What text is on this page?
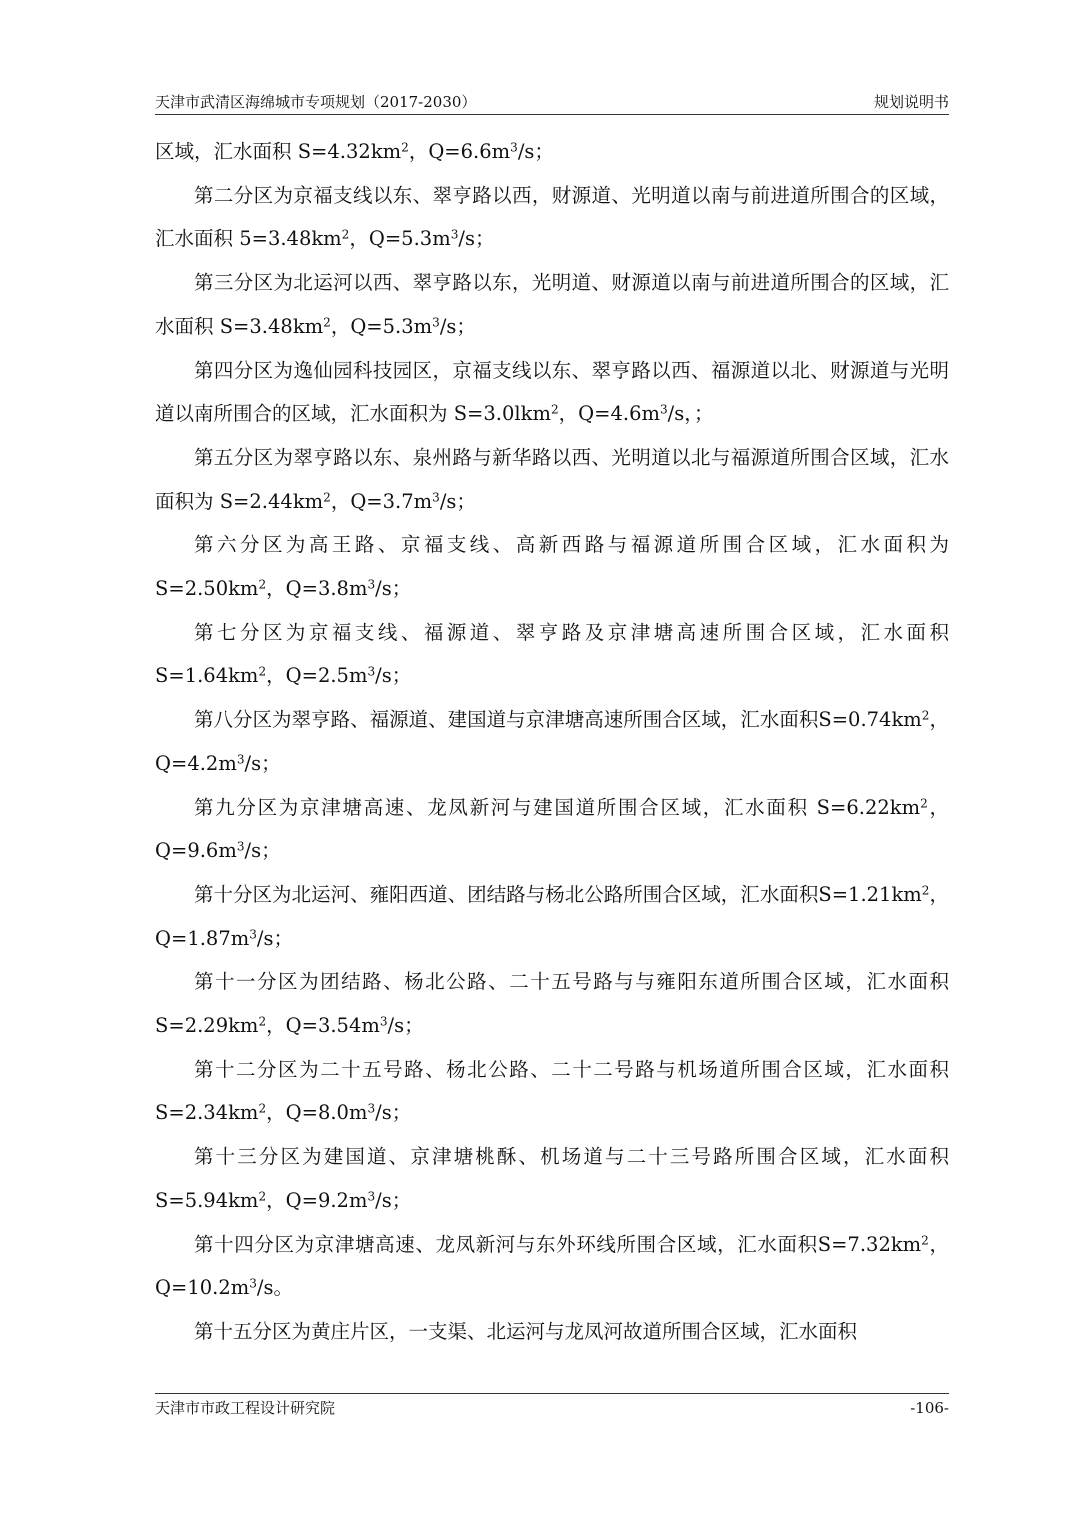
天津市武清区海绵城市专项规划（2017-2030）	规划说明书

区域，汇水面积 $S=4.32km^2$，$Q=6.6m^3/s$；

第二分区为京福支线以东、翠亨路以西，财源道、光明道以南与前进道所围合的区域，汇水面积 $5=3.48km^2$，$Q=5.3m^3/s$；

第三分区为北运河以西、翠亨路以东，光明道、财源道以南与前进道所围合的区域，汇水面积 $S=3.48km^2$，$Q=5.3m^3/s$；

第四分区为逸仙园科技园区，京福支线以东、翠亨路以西、福源道以北、财源道与光明道以南所围合的区域，汇水面积为 S=3.0lkm$^2$，$Q=4.6m^3/s$，；

第五分区为翠亨路以东、泉州路与新华路以西、光明道以北与福源道所围合区域，汇水面积为 $S=2.44km^2$，$Q=3.7m^3/s$；

第六分区为高王路、京福支线、高新西路与福源道所围合区域，汇水面积为$S=2.50km^2$，$Q=3.8m^3/s$；

第七分区为京福支线、福源道、翠亨路及京津塘高速所围合区域，汇水面积$S=1.64km^2$，$Q=2.5m^3/s$；

第八分区为翠亨路、福源道、建国道与京津塘高速所围合区域，汇水面积$S=0.74km^2$，$Q=4.2m^3/s$；

第九分区为京津塘高速、龙凤新河与建国道所围合区域，汇水面积 $S=6.22km^2$，$Q=9.6m^3/s$；

第十分区为北运河、雍阳西道、团结路与杨北公路所围合区域，汇水面积$S=1.21km^2$，$Q=1.87m^3/s$；

第十一分区为团结路、杨北公路、二十五号路与与雍阳东道所围合区域，汇水面积 $S=2.29km^2$，$Q=3.54m^3/s$；

第十二分区为二十五号路、杨北公路、二十二号路与机场道所围合区域，汇水面积 $S=2.34km^2$，$Q=8.0m^3/s$；

第十三分区为建国道、京津塘桃酥、机场道与二十三号路所围合区域，汇水面积$S=5.94km^2$，$Q=9.2m^3/s$；

第十四分区为京津塘高速、龙凤新河与东外环线所围合区域，汇水面积$S=7.32km^2$，$Q=10.2m^3/s$。

第十五分区为黄庄片区，一支渠、北运河与龙凤河故道所围合区域，汇水面积

天津市市政工程设计研究院	-106-
